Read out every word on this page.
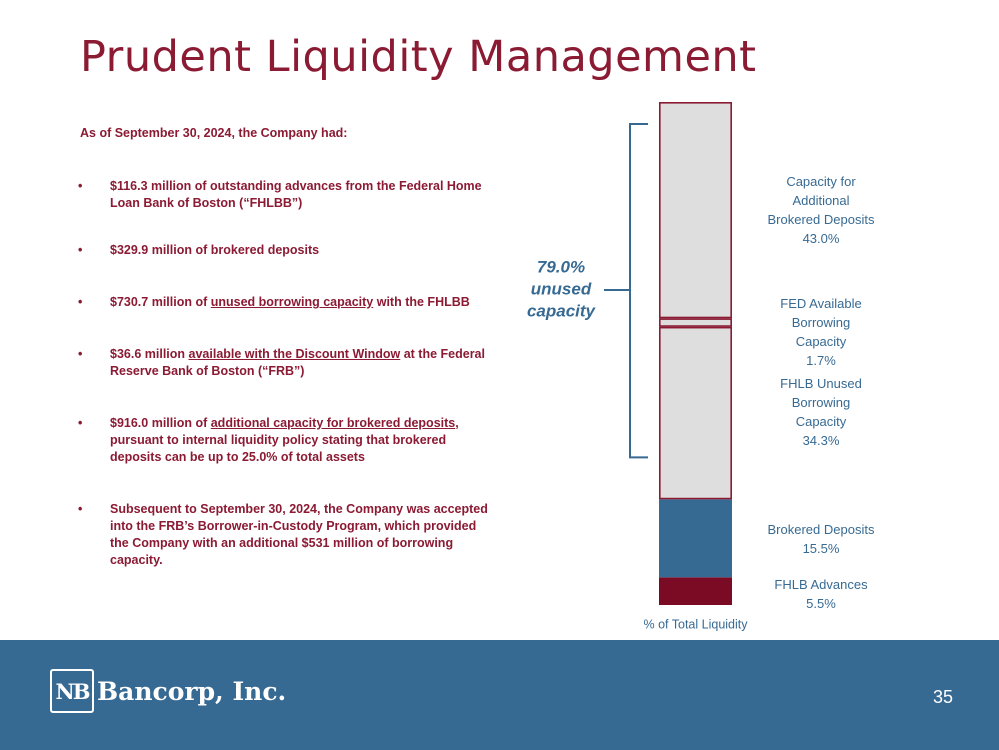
Prudent Liquidity Management
As of September 30, 2024, the Company had:
• $116.3 million of outstanding advances from the Federal Home Loan Bank of Boston (“FHLBB”)
• $329.9 million of brokered deposits
• $730.7 million of unused borrowing capacity with the FHLBB
• $36.6 million available with the Discount Window at the Federal Reserve Bank of Boston (“FRB”)
• $916.0 million of additional capacity for brokered deposits, pursuant to internal liquidity policy stating that brokered deposits can be up to 25.0% of total assets
• Subsequent to September 30, 2024, the Company was accepted into the FRB’s Borrower-in-Custody Program, which provided the Company with an additional $531 million of borrowing capacity.
FHLB Advances
5.5%
Brokered Deposits
15.5%
FHLB Unused
Borrowing
Capacity
34.3%
FED Available
Borrowing
Capacity
1.7%
Capacity for
Additional
Brokered Deposits
43.0%
% of Total Liquidity
79.0%
unused
capacity
NB Bancorp, Inc.	35
